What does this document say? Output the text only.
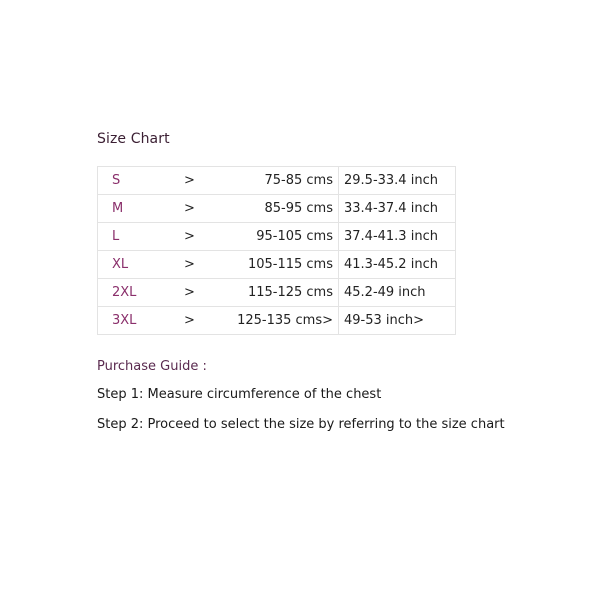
Size Chart
S	>	75-85 cms 29.5-33.4 inch
M	>	85-95 cms 33.4-37.4 inch
L	>	95-105 cms 37.4-41.3 inch
XL	>	105-115 cms 41.3-45.2 inch
2XL	>	115-125 cms 45.2-49 inch
3XL	>	125-135 cms> 49-53 inch>
Purchase Guide :
Step 1: Measure circumference of the chest
Step 2: Proceed to select the size by referring to the size chart
